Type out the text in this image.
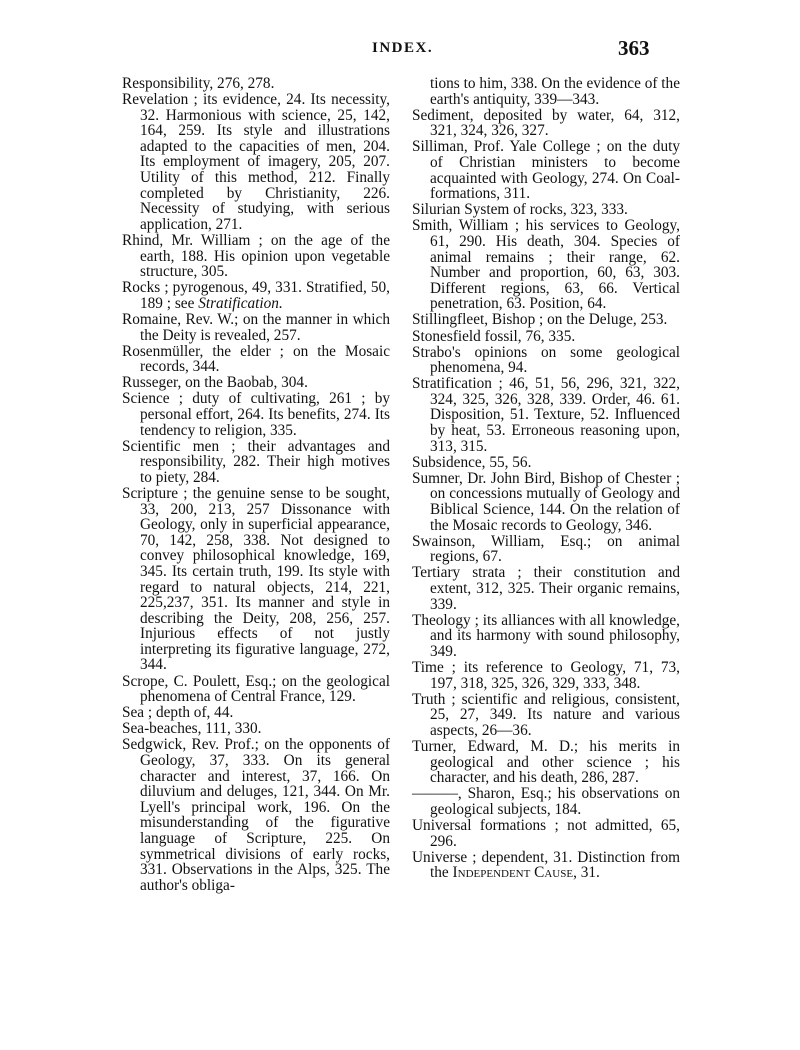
INDEX.	363

Responsibility, 276, 278.

Revelation ; its evidence, 24. Its necessity, 32. Harmonious with science, 25, 142, 164, 259. Its style and illustrations adapted to the capacities of men, 204. Its employment of imagery, 205, 207. Utility of this method, 212. Finally completed by Christianity, 226. Necessity of studying, with serious application, 271.

Rhind, Mr. William ; on the age of the earth, 188. His opinion upon vegetable structure, 305.

Rocks ; pyrogenous, 49, 331. Stratified, 50, 189 ; see Stratification.

Romaine, Rev. W.; on the manner in which the Deity is revealed, 257.

Rosenmüller, the elder ; on the Mosaic records, 344.

Russeger, on the Baobab, 304.

Science ; duty of cultivating, 261 ; by personal effort, 264. Its benefits, 274. Its tendency to religion, 335.

Scientific men ; their advantages and responsibility, 282. Their high motives to piety, 284.

Scripture ; the genuine sense to be sought, 33, 200, 213, 257 Dissonance with Geology, only in superficial appearance, 70, 142, 258, 338. Not designed to convey philosophical knowledge, 169, 345. Its certain truth, 199. Its style with regard to natural objects, 214, 221, 225,237, 351. Its manner and style in describing the Deity, 208, 256, 257. Injurious effects of not justly interpreting its figurative language, 272, 344.

Scrope, C. Poulett, Esq.; on the geological phenomena of Central France, 129.

Sea ; depth of, 44.

Sea-beaches, 111, 330.

Sedgwick, Rev. Prof.; on the opponents of Geology, 37, 333. On its general character and interest, 37, 166. On diluvium and deluges, 121, 344. On Mr. Lyell's principal work, 196. On the misunderstanding of the figurative language of Scripture, 225. On symmetrical divisions of early rocks, 331. Observations in the Alps, 325. The author's obliga-

tions to him, 338. On the evidence of the earth's antiquity, 339—343.

Sediment, deposited by water, 64, 312, 321, 324, 326, 327.

Silliman, Prof. Yale College ; on the duty of Christian ministers to become acquainted with Geology, 274. On Coal-formations, 311.

Silurian System of rocks, 323, 333.

Smith, William ; his services to Geology, 61, 290. His death, 304. Species of animal remains ; their range, 62. Number and proportion, 60, 63, 303. Different regions, 63, 66. Vertical penetration, 63. Position, 64.

Stillingfleet, Bishop ; on the Deluge, 253.

Stonesfield fossil, 76, 335.

Strabo's opinions on some geological phenomena, 94.

Stratification ; 46, 51, 56, 296, 321, 322, 324, 325, 326, 328, 339. Order, 46. 61. Disposition, 51. Texture, 52. Influenced by heat, 53. Erroneous reasoning upon, 313, 315.

Subsidence, 55, 56.

Sumner, Dr. John Bird, Bishop of Chester ; on concessions mutually of Geology and Biblical Science, 144. On the relation of the Mosaic records to Geology, 346.

Swainson, William, Esq.; on animal regions, 67.

Tertiary strata ; their constitution and extent, 312, 325. Their organic remains, 339.

Theology ; its alliances with all knowledge, and its harmony with sound philosophy, 349.

Time ; its reference to Geology, 71, 73, 197, 318, 325, 326, 329, 333, 348.

Truth ; scientific and religious, consistent, 25, 27, 349. Its nature and various aspects, 26—36.

Turner, Edward, M. D.; his merits in geological and other science ; his character, and his death, 286, 287.

———, Sharon, Esq.; his observations on geological subjects, 184.

Universal formations ; not admitted, 65, 296.

Universe ; dependent, 31. Distinction from the Independent Cause, 31.
